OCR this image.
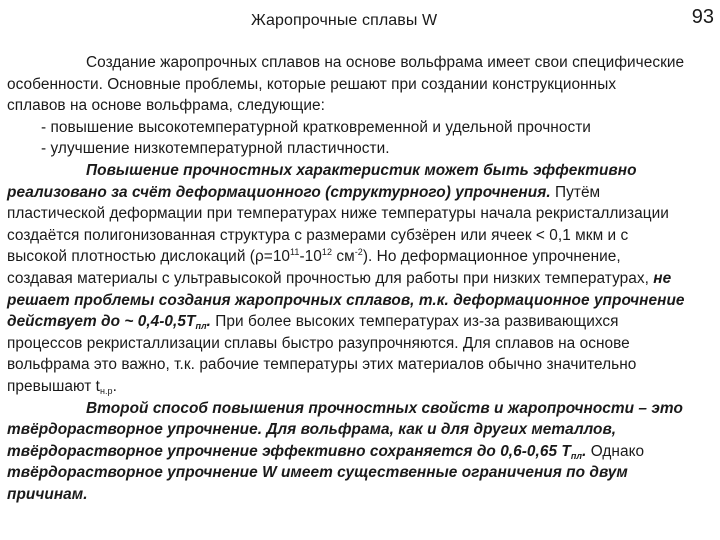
Жаропрочные сплавы W	93
Создание жаропрочных сплавов на основе вольфрама имеет свои специфические
особенности. Основные проблемы, которые решают при создании конструкционных
сплавов на основе вольфрама, следующие:
- повышение высокотемпературной кратковременной и удельной прочности
- улучшение низкотемпературной пластичности.
Повышение прочностных характеристик может быть эффективно
реализовано за счёт деформационного (структурного) упрочнения. Путём
пластической деформации при температурах ниже температуры начала рекристаллизации
создаётся полигонизованная структура с размерами субзёрен или ячеек < 0,1 мкм и с
высокой плотностью дислокаций ($\rho=10^{11}-10^{12}$ $см^{-2}$). Но деформационное упрочнение,
создавая материалы с ультравысокой прочностью для работы при низких температурах, не
решает проблемы создания жаропрочных сплавов, т.к. деформационное упрочнение
действует до ~ $0,4-0,5T_{пл}$. При более высоких температурах из-за развивающихся
процессов рекристаллизации сплавы быстро разупрочняются. Для сплавов на основе
вольфрама это важно, т.к. рабочие температуры этих материалов обычно значительно
превышают $t_{н.р}$.
Второй способ повышения прочностных свойств и жаропрочности – это
твёрдорастворное упрочнение. Для вольфрама, как и для других металлов,
твёрдорастворное упрочнение эффективно сохраняется до 0,6-0,65 $T_{пл}$. Однако
твёрдорастворное упрочнение W имеет существенные ограничения по двум
причинам.
